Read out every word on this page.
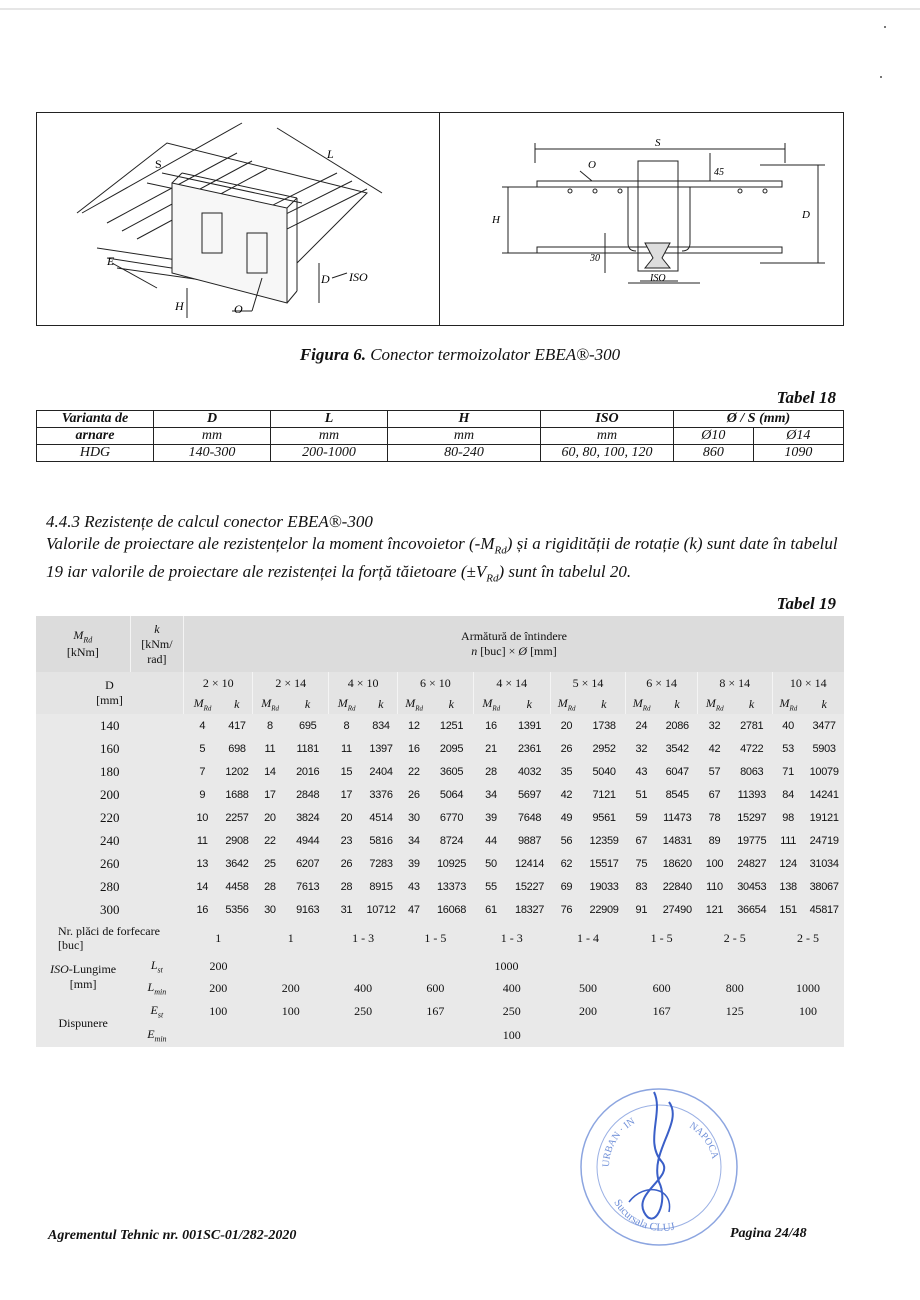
S
L
E
H	O
D ISO
S
O
45
H	D
30
ISO
Figura 6. Conector termoizolator EBEA®-300
Tabel 18
Varianta de	D	L	H	ISO	Ø / S (mm)	
arnare	mm	mm	mm	mm	Ø10	Ø14
HDG	140-300	200-1000	80-240	60, 80, 100, 120	860	1090
4.4.3 Rezistențe de calcul conector EBEA®-300
Valorile de proiectare ale rezistențelor la moment încovoietor $(-M_{Rd})$ și a rigidității de rotație (k) sunt date în tabelul 19 iar valorile de proiectare ale rezistenței la forță tăietoare $(\pm V_{Rd})$ sunt în tabelul 20.
Tabel 19
$M_{Rd}$
[kNm]	k
[kNm/
rad]	Armătură de întindere
n [buc] × Ø [mm]																	
D
[mm]		2 × 10		2 × 14		4 × 10		6 × 10		4 × 14		5 × 14		6 × 14		8 × 14		10 × 14	
		$M_{Rd}$	k	$M_{Rd}$	k	$M_{Rd}$	k	$M_{Rd}$	k	$M_{Rd}$	k	$M_{Rd}$	k	$M_{Rd}$	k	$M_{Rd}$	k	$M_{Rd}$	k
140		4	417	8	695	8	834	12	1251	16	1391	20	1738	24	2086	32	2781	40	3477
160		5	698	11	1181	11	1397	16	2095	21	2361	26	2952	32	3542	42	4722	53	5903
180		7	1202	14	2016	15	2404	22	3605	28	4032	35	5040	43	6047	57	8063	71	10079
200		9	1688	17	2848	17	3376	26	5064	34	5697	42	7121	51	8545	67	11393	84	14241
220		10	2257	20	3824	20	4514	30	6770	39	7648	49	9561	59	11473	78	15297	98	19121
240		11	2908	22	4944	23	5816	34	8724	44	9887	56	12359	67	14831	89	19775	111	24719
260		13	3642	25	6207	26	7283	39	10925	50	12414	62	15517	75	18620	100	24827	124	31034
280		14	4458	28	7613	28	8915	43	13373	55	15227	69	19033	83	22840	110	30453	138	38067
300		16	5356	30	9163	31	10712	47	16068	61	18327	76	22909	91	27490	121	36654	151	45817
Nr. plăci de forfecare
[buc]		1		1		1 - 3		1 - 5		1 - 3		1 - 4		1 - 5		2 - 5		2 - 5	
ISO-Lungime
[mm]	$L_{st}$	200				1000													
	$L_{min}$	200		200		400		600		400		500		600		800		1000	
Dispunere	$E_{st}$	100		100		250		167		250		200		167		125		100	
	$E_{min}$									100									
URBAN · IN	NAPOCA
Sucursala CLUJ
Agrementul Tehnic nr. 001SC-01/282-2020	Pagina 24/48
